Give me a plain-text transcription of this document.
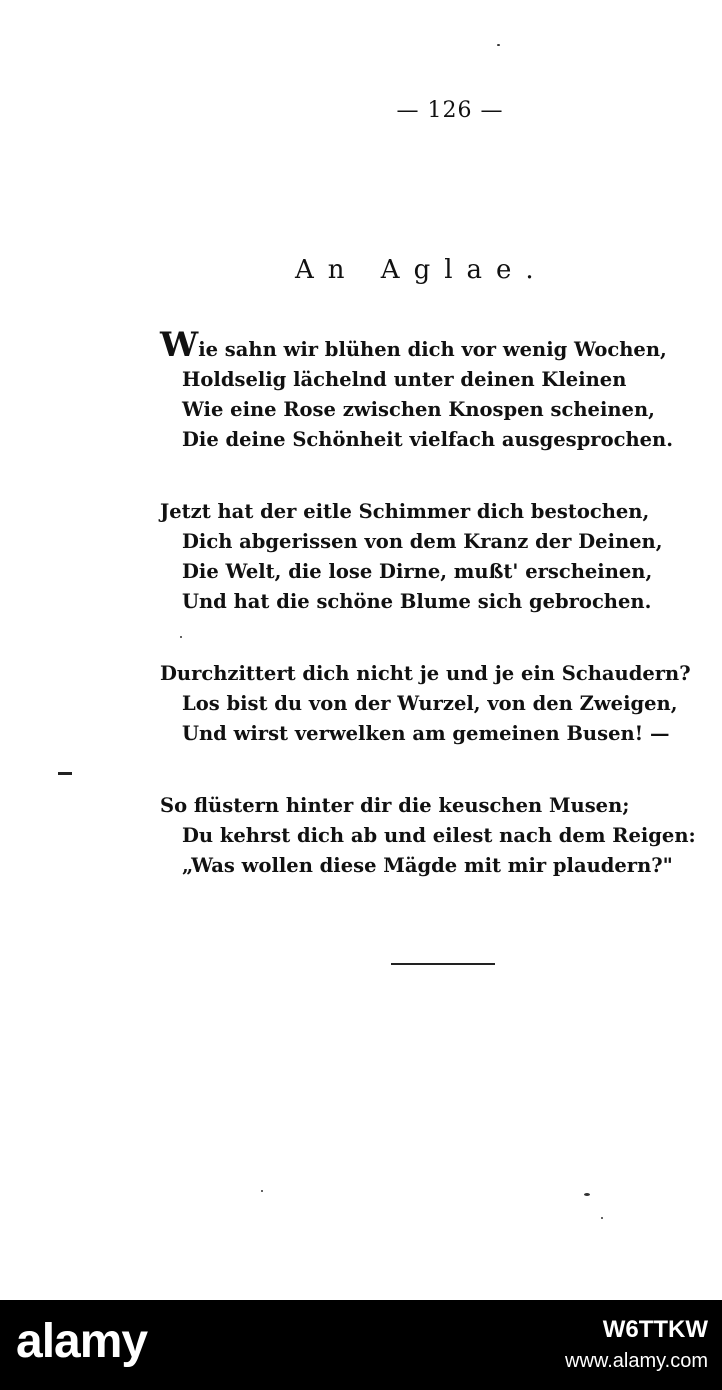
— 126 —
An Aglae.
Wie sahn wir blühen dich vor wenig Wochen,
Holdselig lächelnd unter deinen Kleinen
Wie eine Rose zwischen Knospen scheinen,
Die deine Schönheit vielfach ausgesprochen.
Jetzt hat der eitle Schimmer dich bestochen,
Dich abgerissen von dem Kranz der Deinen,
Die Welt, die lose Dirne, mußt' erscheinen,
Und hat die schöne Blume sich gebrochen.
Durchzittert dich nicht je und je ein Schaudern?
Los bist du von der Wurzel, von den Zweigen,
Und wirst verwelken am gemeinen Busen! —
So flüstern hinter dir die keuschen Musen;
Du kehrst dich ab und eilest nach dem Reigen:
„Was wollen diese Mägde mit mir plaudern?"
alamy	W6TTKW
www.alamy.com
